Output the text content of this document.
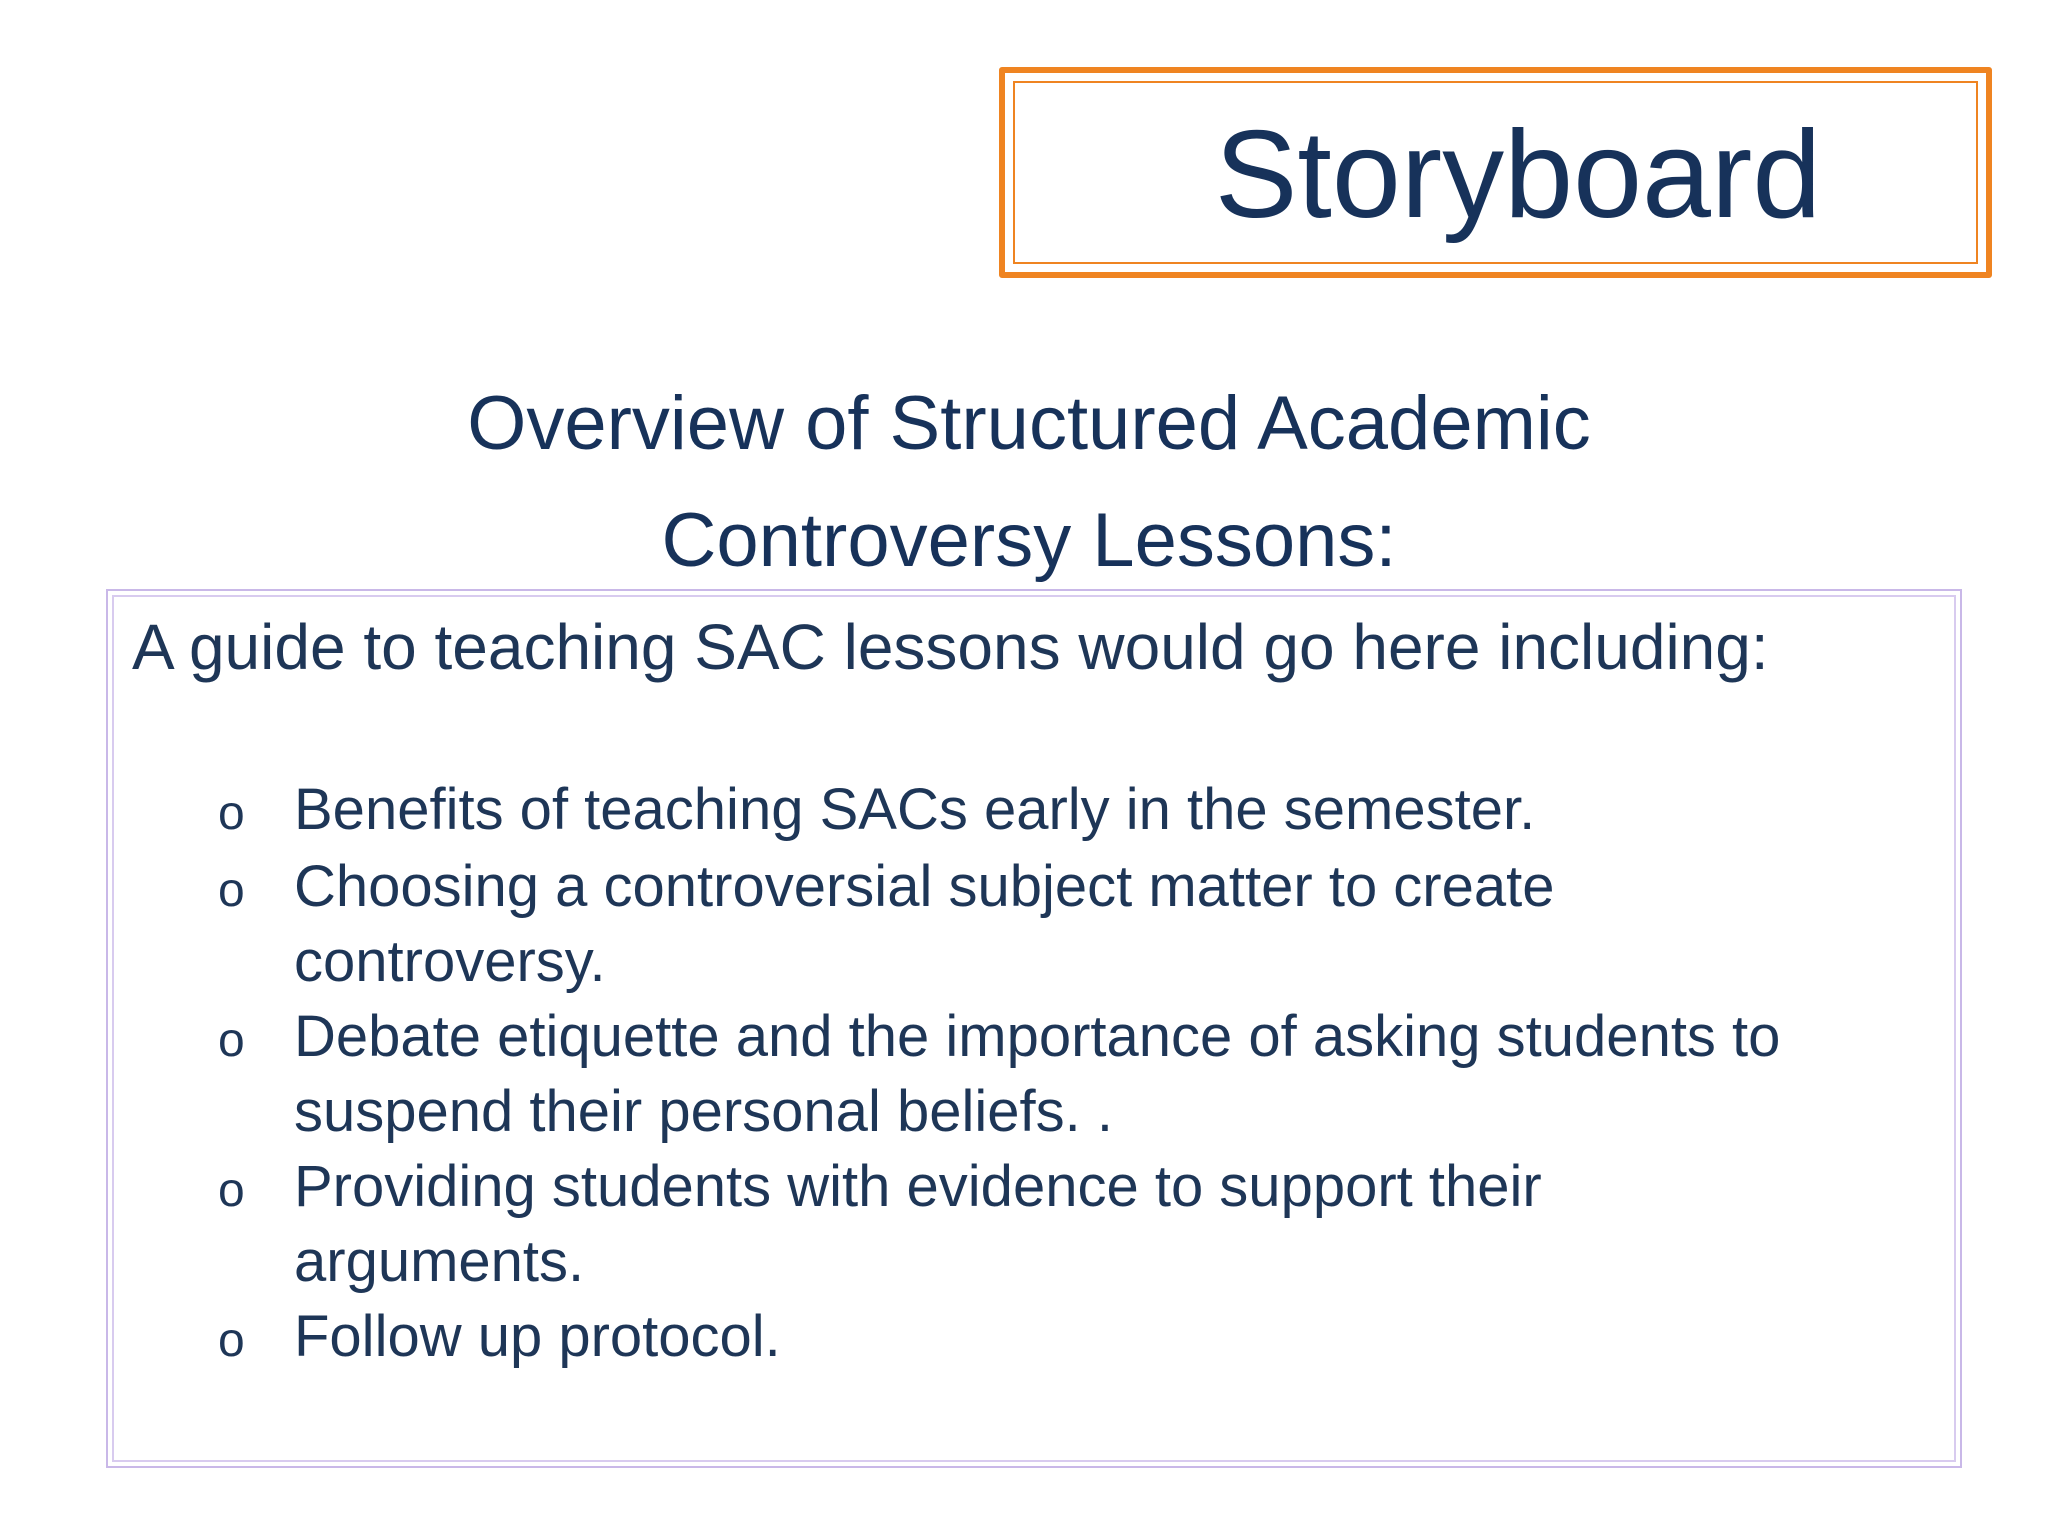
Storyboard
Overview of Structured Academic
Controversy Lessons:
A guide to teaching SAC lessons would go here including:
o Benefits of teaching SACs early in the semester.
o Choosing a controversial subject matter to create controversy.
o Debate etiquette and the importance of asking students to suspend their personal beliefs. .
o Providing students with evidence to support their arguments.
o Follow up protocol.
